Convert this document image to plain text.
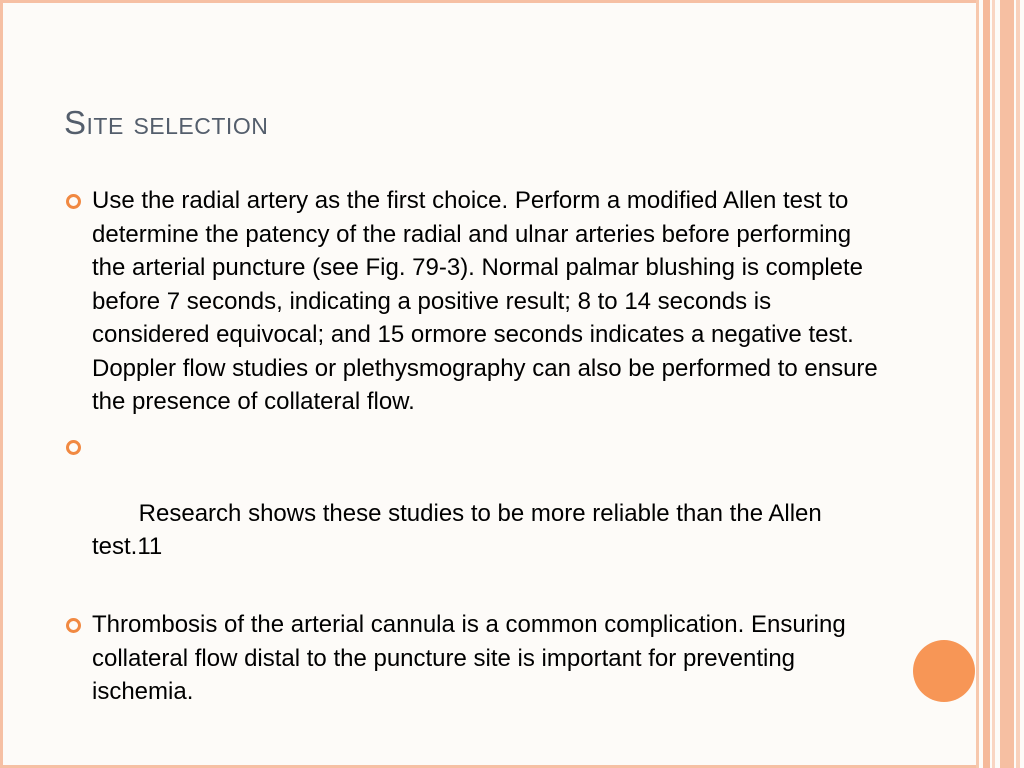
Site selection
Use the radial artery as the first choice. Perform a modified Allen test to determine the patency of the radial and ulnar arteries before performing the arterial puncture (see Fig. 79-3). Normal palmar blushing is complete before 7 seconds, indicating a positive result; 8 to 14 seconds is considered equivocal; and 15 ormore seconds indicates a negative test. Doppler flow studies or plethysmography can also be performed to ensure the presence of collateral flow.

Research shows these studies to be more reliable than the Allen test.11

Thrombosis of the arterial cannula is a common complication. Ensuring collateral flow distal to the puncture site is important for preventing ischemia.
